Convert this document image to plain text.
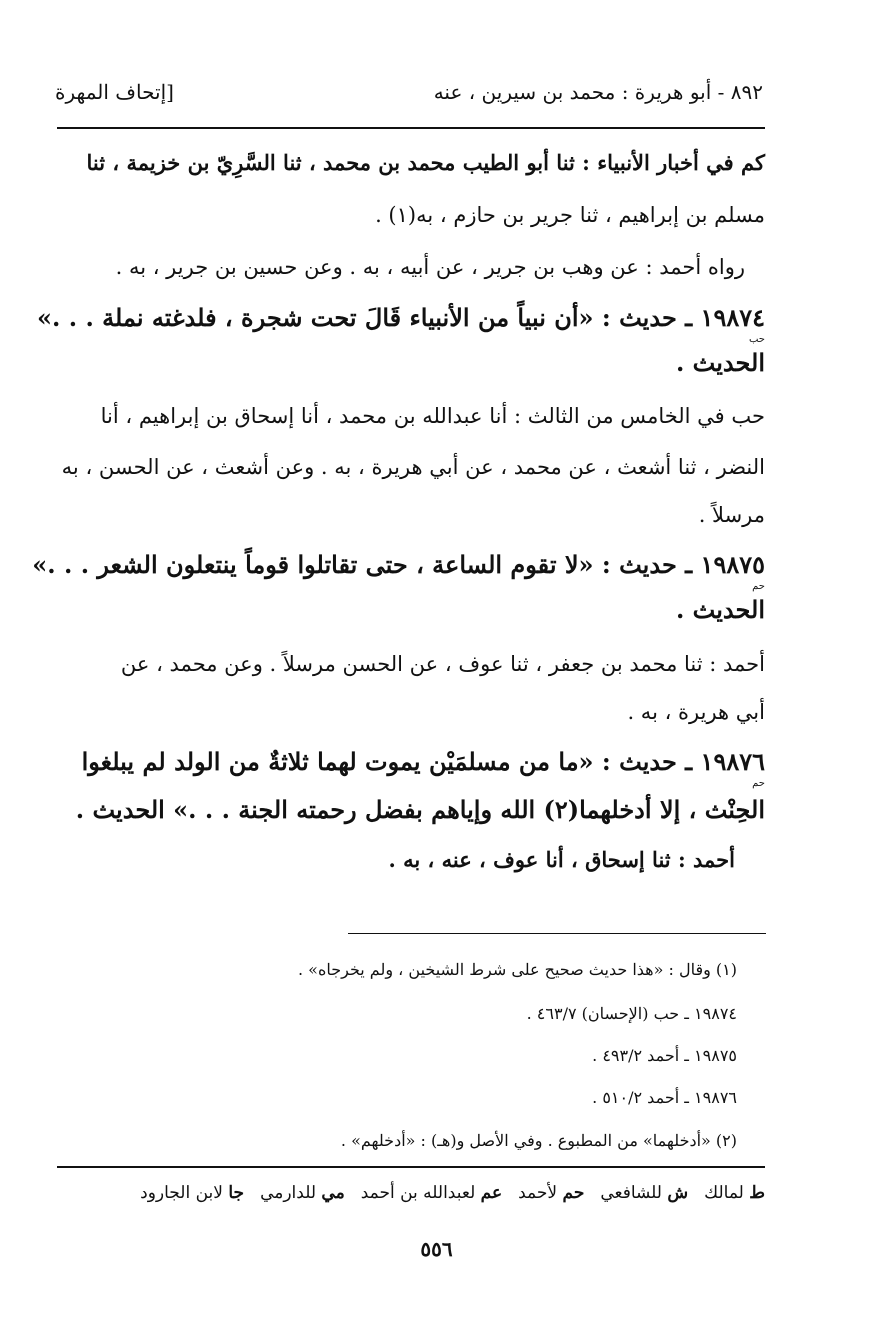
٨٩٢ - أبو هريرة : محمد بن سيرين ، عنه
[إتحاف المهرة
كم في أخبار الأنبياء : ثنا أبو الطيب محمد بن محمد ، ثنا السَّرِيّ بن خزيمة ، ثنا
مسلم بن إبراهيم ، ثنا جرير بن حازم ، به(١) .
رواه أحمد : عن وهب بن جرير ، عن أبيه ، به . وعن حسين بن جرير ، به .
١٩٨٧٤ ـ حديث : «أن نبياً من الأنبياء قَالَ تحت شجرة ، فلدغته نملة . . .»
حب
الحديث .
حب في الخامس من الثالث : أنا عبدالله بن محمد ، أنا إسحاق بن إبراهيم ، أنا
النضر ، ثنا أشعث ، عن محمد ، عن أبي هريرة ، به . وعن أشعث ، عن الحسن ، به
مرسلاً .
١٩٨٧٥ ـ حديث : «لا تقوم الساعة ، حتى تقاتلوا قوماً ينتعلون الشعر . . .»
حم
الحديث .
أحمد : ثنا محمد بن جعفر ، ثنا عوف ، عن الحسن مرسلاً . وعن محمد ، عن
أبي هريرة ، به .
١٩٨٧٦ ـ حديث : «ما من مسلمَيْن يموت لهما ثلاثةٌ من الولد لم يبلغوا
حم
الحِنْث ، إلا أدخلهما(٢) الله وإياهم بفضل رحمته الجنة . . .» الحديث .
أحمد : ثنا إسحاق ، أنا عوف ، عنه ، به .
(١) وقال : «هذا حديث صحيح على شرط الشيخين ، ولم يخرجاه» .
١٩٨٧٤ ـ حب (الإحسان) ٤٦٣/٧ .
١٩٨٧٥ ـ أحمد ٤٩٣/٢ .
١٩٨٧٦ ـ أحمد ٥١٠/٢ .
(٢) «أدخلهما» من المطبوع . وفي الأصل و(هـ) : «أدخلهم» .
ط لمالك
ش للشافعي
حم لأحمد
عم لعبدالله بن أحمد
مي للدارمي
جا لابن الجارود
٥٥٦
